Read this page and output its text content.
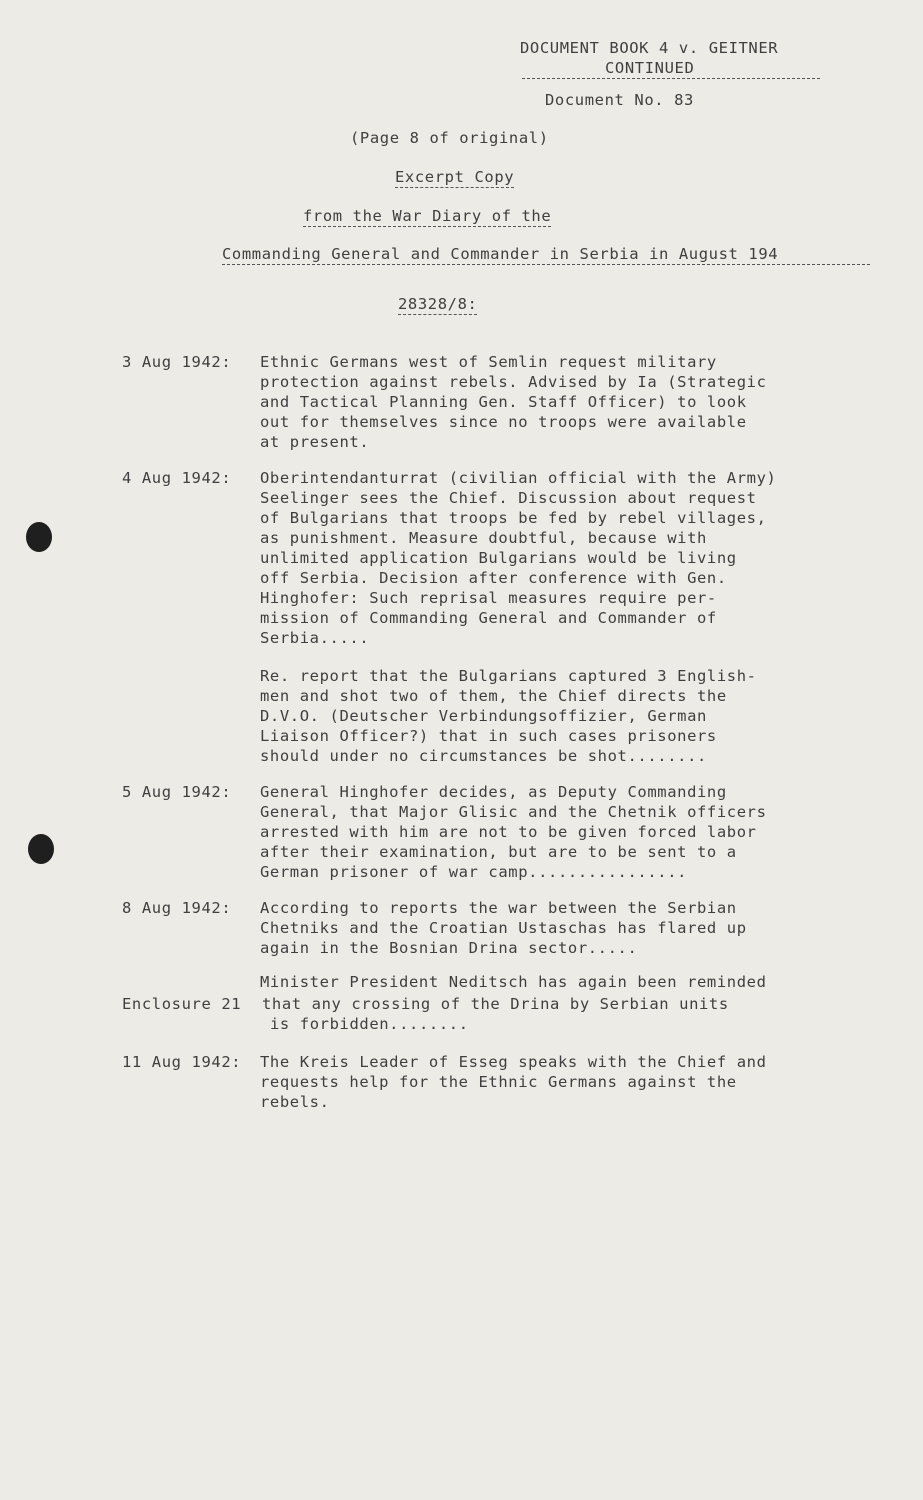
DOCUMENT BOOK 4 v. GEITNER
CONTINUED
Document No. 83
(Page 8 of original)
Excerpt Copy
from the War Diary of the
Commanding General and Commander in Serbia in August 194
28328/8:
3 Aug 1942: Ethnic Germans west of Semlin request military
protection against rebels. Advised by Ia (Strategic
and Tactical Planning Gen. Staff Officer) to look
out for themselves since no troops were available
at present.
4 Aug 1942: Oberintendanturrat (civilian official with the Army)
Seelinger sees the Chief. Discussion about request
of Bulgarians that troops be fed by rebel villages,
as punishment. Measure doubtful, because with
unlimited application Bulgarians would be living
off Serbia. Decision after conference with Gen.
Hinghofer: Such reprisal measures require per-
mission of Commanding General and Commander of
Serbia.....
Re. report that the Bulgarians captured 3 English-
men and shot two of them, the Chief directs the
D.V.O. (Deutscher Verbindungsoffizier, German
Liaison Officer?) that in such cases prisoners
should under no circumstances be shot........
5 Aug 1942: General Hinghofer decides, as Deputy Commanding
General, that Major Glisic and the Chetnik officers
arrested with him are not to be given forced labor
after their examination, but are to be sent to a
German prisoner of war camp................
8 Aug 1942: According to reports the war between the Serbian
Chetniks and the Croatian Ustaschas has flared up
again in the Bosnian Drina sector.....
Minister President Neditsch has again been reminded
Enclosure 21 that any crossing of the Drina by Serbian units
is forbidden........
11 Aug 1942: The Kreis Leader of Esseg speaks with the Chief and
requests help for the Ethnic Germans against the
rebels.
